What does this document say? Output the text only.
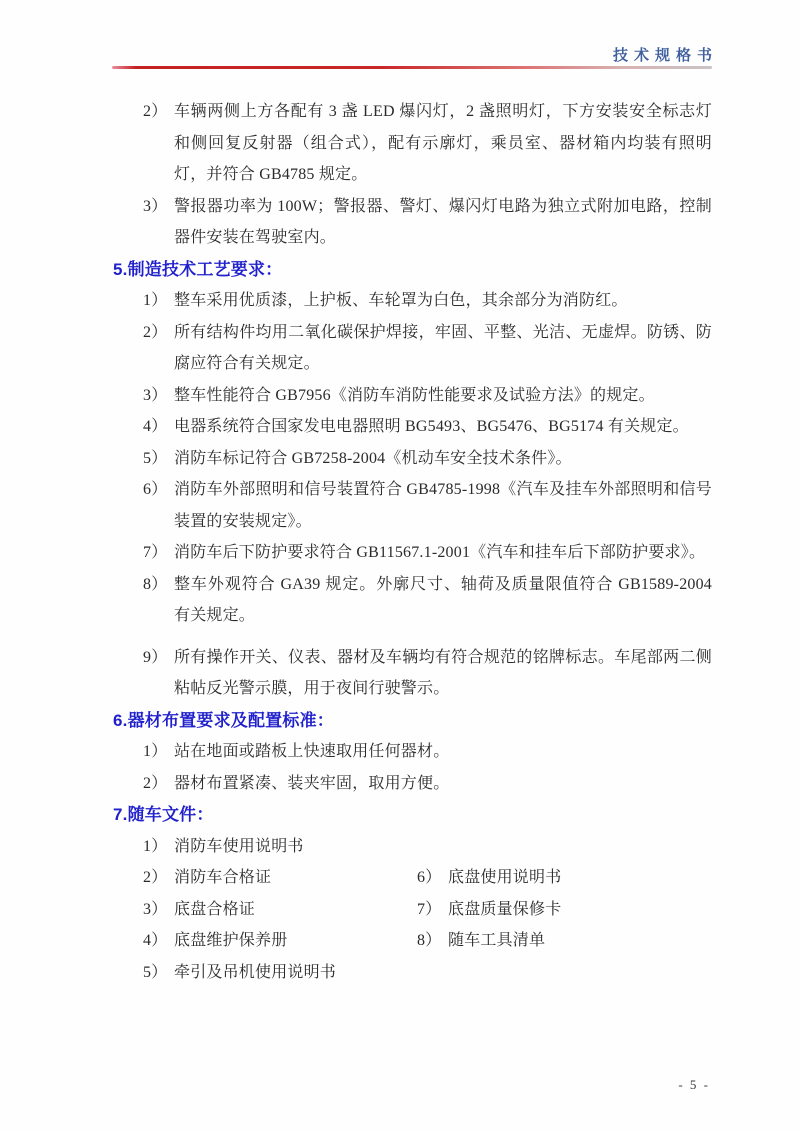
技术规格书
2） 车辆两侧上方各配有 3 盏 LED 爆闪灯，2 盏照明灯，下方安装安全标志灯和侧回复反射器（组合式），配有示廓灯，乘员室、器材箱内均装有照明灯，并符合 GB4785 规定。
3） 警报器功率为 100W；警报器、警灯、爆闪灯电路为独立式附加电路，控制器件安装在驾驶室内。
5.制造技术工艺要求：
1） 整车采用优质漆，上护板、车轮罩为白色，其余部分为消防红。
2） 所有结构件均用二氧化碳保护焊接，牢固、平整、光洁、无虚焊。防锈、防腐应符合有关规定。
3） 整车性能符合 GB7956《消防车消防性能要求及试验方法》的规定。
4） 电器系统符合国家发电电器照明 BG5493、BG5476、BG5174 有关规定。
5） 消防车标记符合 GB7258-2004《机动车安全技术条件》。
6） 消防车外部照明和信号装置符合 GB4785-1998《汽车及挂车外部照明和信号装置的安装规定》。
7） 消防车后下防护要求符合 GB11567.1-2001《汽车和挂车后下部防护要求》。
8） 整车外观符合 GA39 规定。外廓尺寸、轴荷及质量限值符合 GB1589-2004 有关规定。
9） 所有操作开关、仪表、器材及车辆均有符合规范的铭牌标志。车尾部两二侧粘帖反光警示膜，用于夜间行驶警示。
6.器材布置要求及配置标准：
1） 站在地面或踏板上快速取用任何器材。
2） 器材布置紧凑、装夹牢固，取用方便。
7.随车文件：
1） 消防车使用说明书
2） 消防车合格证	6） 底盘使用说明书
3） 底盘合格证	7） 底盘质量保修卡
4） 底盘维护保养册	8） 随车工具清单
5） 牵引及吊机使用说明书
- 5 -
